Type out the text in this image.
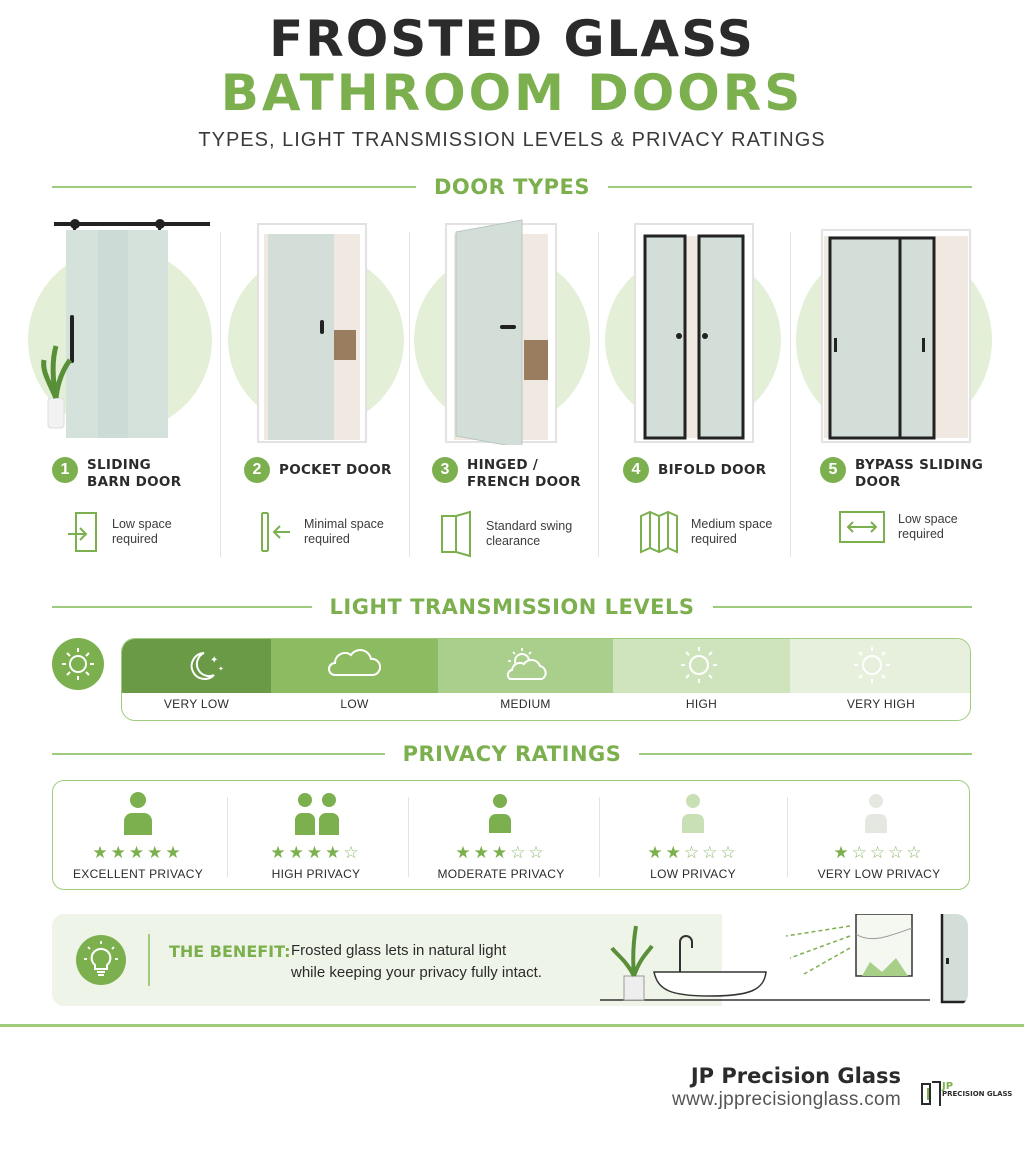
FROSTED GLASS
BATHROOM DOORS
TYPES, LIGHT TRANSMISSION LEVELS & PRIVACY RATINGS
DOOR TYPES
1	SLIDING
BARN DOOR
Low space
required
2	POCKET DOOR
Minimal space
required
3	HINGED /
FRENCH DOOR
Standard swing
clearance
4	BIFOLD DOOR
Medium space
required
5	BYPASS SLIDING
DOOR
Low space
required
LIGHT TRANSMISSION LEVELS
✦
✦
VERY LOW	LOW	MEDIUM	HIGH	VERY HIGH
PRIVACY RATINGS
★★★★★
EXCELLENT PRIVACY
★★★★☆
HIGH PRIVACY
★★★☆☆
MODERATE PRIVACY
★★☆☆☆
LOW PRIVACY
★☆☆☆☆
VERY LOW PRIVACY
THE BENEFIT: Frosted glass lets in natural light
while keeping your privacy fully intact.
JP Precision Glass
www.jpprecisionglass.com
JP
PRECISION GLASS
